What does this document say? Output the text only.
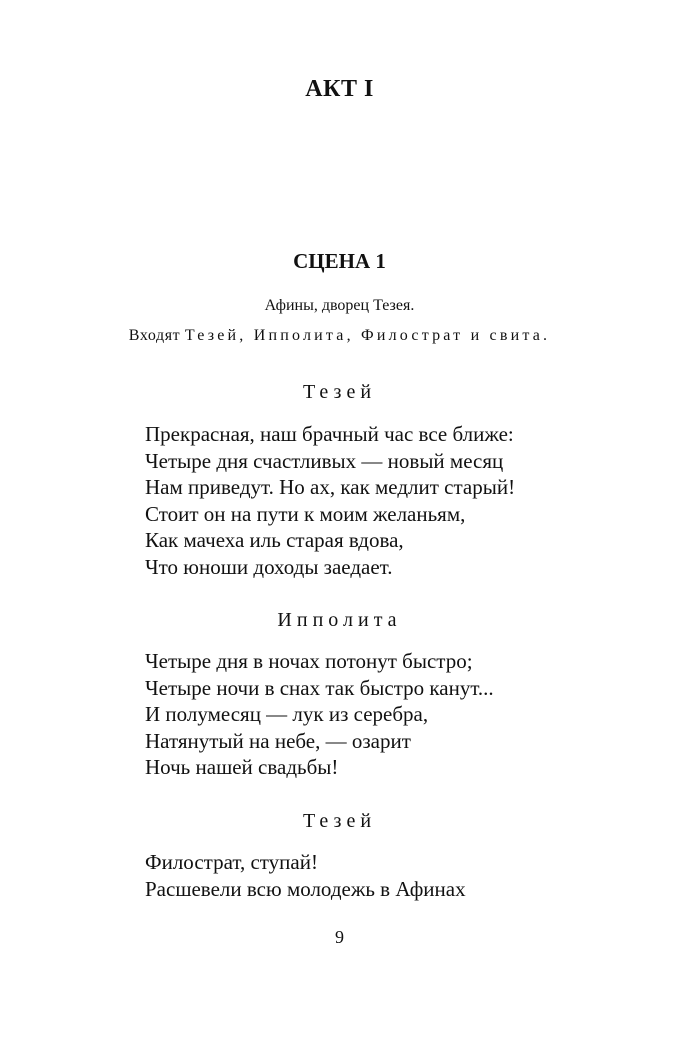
АКТ I
СЦЕНА 1
Афины, дворец Тезея.
Входят Тезей, Ипполита, Филострат и свита.
Тезей
Прекрасная, наш брачный час все ближе:
Четыре дня счастливых — новый месяц
Нам приведут. Но ах, как медлит старый!
Стоит он на пути к моим желаньям,
Как мачеха иль старая вдова,
Что юноши доходы заедает.
Ипполита
Четыре дня в ночах потонут быстро;
Четыре ночи в снах так быстро канут...
И полумесяц — лук из серебра,
Натянутый на небе, — озарит
Ночь нашей свадьбы!
Тезей
Филострат, ступай!
Расшевели всю молодежь в Афинах
9
